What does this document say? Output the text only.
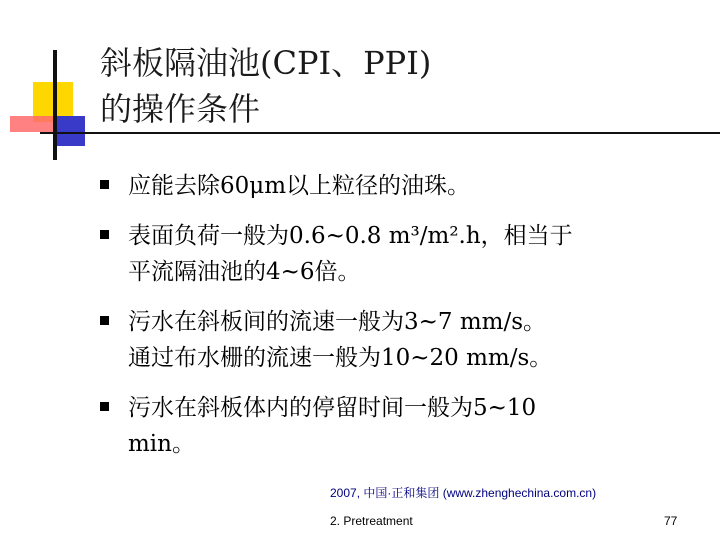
斜板隔油池(CPI、PPI)
的操作条件
应能去除60μm以上粒径的油珠。
表面负荷一般为0.6~0.8 m³/m².h，相当于
平流隔油池的4~6倍。
污水在斜板间的流速一般为3~7 mm/s。
通过布水栅的流速一般为10~20 mm/s。
污水在斜板体内的停留时间一般为5~10
min。
2007, 中国·正和集团 (www.zhenghechina.com.cn)
2. Pretreatment	77
